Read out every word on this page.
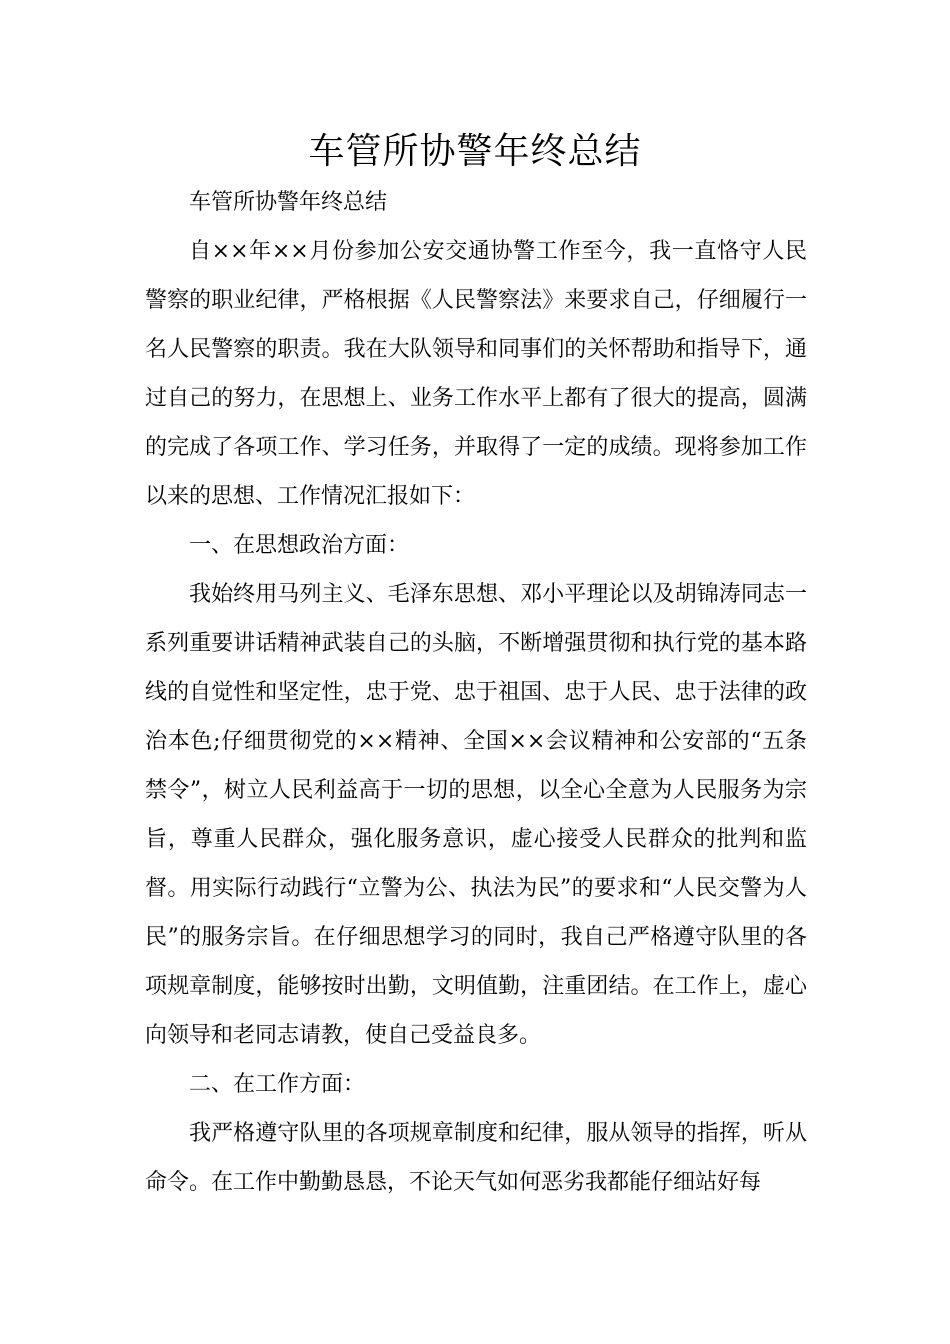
车管所协警年终总结

车管所协警年终总结

自××年××月份参加公安交通协警工作至今，我一直恪守人民警察的职业纪律，严格根据《人民警察法》来要求自己，仔细履行一名人民警察的职责。我在大队领导和同事们的关怀帮助和指导下，通过自己的努力，在思想上、业务工作水平上都有了很大的提高，圆满的完成了各项工作、学习任务，并取得了一定的成绩。现将参加工作以来的思想、工作情况汇报如下：

一、在思想政治方面：

我始终用马列主义、毛泽东思想、邓小平理论以及胡锦涛同志一系列重要讲话精神武装自己的头脑，不断增强贯彻和执行党的基本路线的自觉性和坚定性，忠于党、忠于祖国、忠于人民、忠于法律的政治本色;仔细贯彻党的××精神、全国××会议精神和公安部的“五条禁令”，树立人民利益高于一切的思想，以全心全意为人民服务为宗旨，尊重人民群众，强化服务意识，虚心接受人民群众的批判和监督。用实际行动践行“立警为公、执法为民”的要求和“人民交警为人民”的服务宗旨。在仔细思想学习的同时，我自己严格遵守队里的各项规章制度，能够按时出勤，文明值勤，注重团结。在工作上，虚心向领导和老同志请教，使自己受益良多。

二、在工作方面：

我严格遵守队里的各项规章制度和纪律，服从领导的指挥，听从命令。在工作中勤勤恳恳，不论天气如何恶劣我都能仔细站好每
